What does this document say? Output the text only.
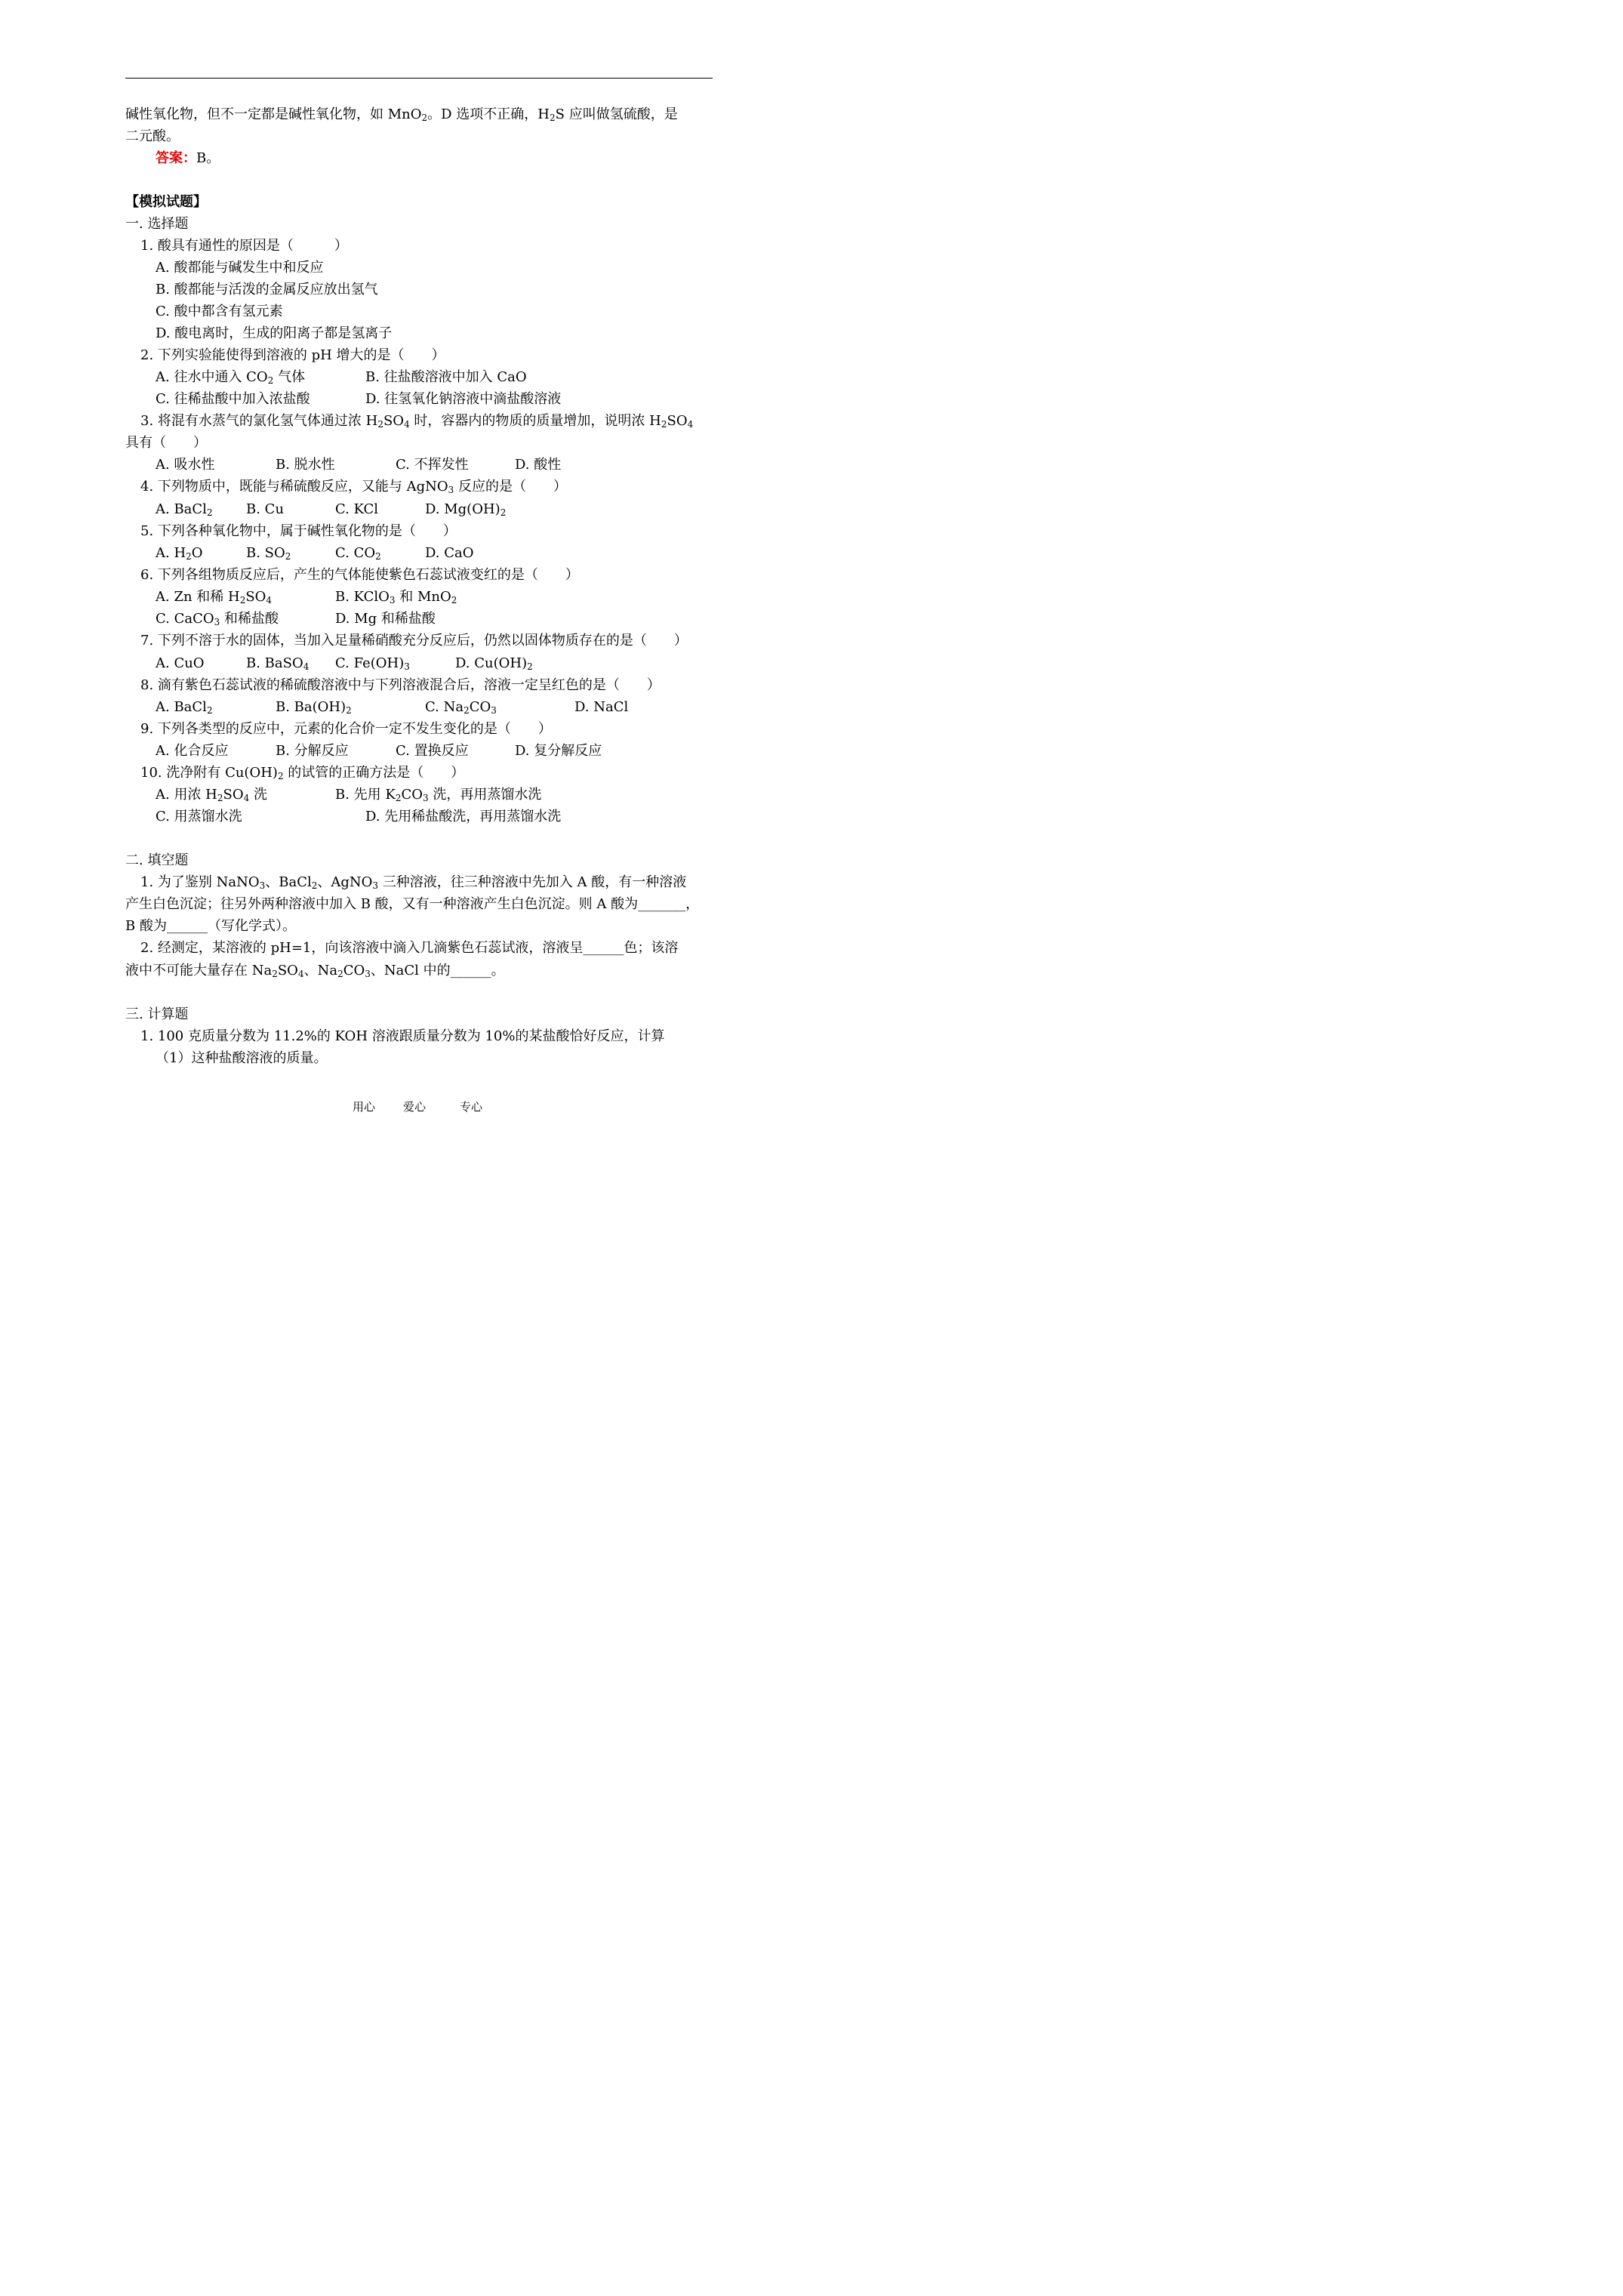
碱性氧化物，但不一定都是碱性氧化物，如 MnO$_2$。D 选项不正确，$H_2S$ 应叫做氢硫酸，是
二元酸。
答案：B。
【模拟试题】
一. 选择题
1. 酸具有通性的原因是（　　　）
A. 酸都能与碱发生中和反应
B. 酸都能与活泼的金属反应放出氢气
C. 酸中都含有氢元素
D. 酸电离时，生成的阳离子都是氢离子
2. 下列实验能使得到溶液的 pH 增大的是（　　）
A. 往水中通入 $CO_2$ 气体	B. 往盐酸溶液中加入 CaO
C. 往稀盐酸中加入浓盐酸	D. 往氢氧化钠溶液中滴盐酸溶液
3. 将混有水蒸气的氯化氢气体通过浓 $H_2SO_4$ 时，容器内的物质的质量增加，说明浓 $H_2SO_4$
具有（　　）
A. 吸水性	B. 脱水性	C. 不挥发性	D. 酸性
4. 下列物质中，既能与稀硫酸反应，又能与 AgNO$_3$ 反应的是（　　）
A. BaCl$_2$ B. Cu	C. KCl	D. $Mg(OH)_2$
5. 下列各种氧化物中，属于碱性氧化物的是（　　）
A. $H_2O$	B. $SO_2$	C. $CO_2$	D. CaO
6. 下列各组物质反应后，产生的气体能使紫色石蕊试液变红的是（　　）
A. Zn 和稀 $H_2SO_4$	B. KClO$_3$ 和 MnO$_2$
C. CaCO$_3$ 和稀盐酸	D. Mg 和稀盐酸
7. 下列不溶于水的固体，当加入足量稀硝酸充分反应后，仍然以固体物质存在的是（　　）
A. CuO	B. BaSO$_4$ C. $Fe(OH)_3$	D. $Cu(OH)_2$
8. 滴有紫色石蕊试液的稀硫酸溶液中与下列溶液混合后，溶液一定呈红色的是（　　）
A. BaCl$_2$	B. $Ba(OH)_2$	C. $Na_2CO_3$	D. NaCl
9. 下列各类型的反应中，元素的化合价一定不发生变化的是（　　）
A. 化合反应	B. 分解反应	C. 置换反应	D. 复分解反应
10. 洗净附有 $Cu(OH)_2$ 的试管的正确方法是（　　）
A. 用浓 $H_2SO_4$ 洗	B. 先用 $K_2CO_3$ 洗，再用蒸馏水洗
C. 用蒸馏水洗	D. 先用稀盐酸洗，再用蒸馏水洗
二. 填空题
1. 为了鉴别 NaNO$_3$、BaCl$_2$、AgNO$_3$ 三种溶液，往三种溶液中先加入 A 酸，有一种溶液
产生白色沉淀；往另外两种溶液中加入 B 酸，又有一种溶液产生白色沉淀。则 A 酸为_______，
B 酸为______（写化学式）。
2. 经测定，某溶液的 pH=1，向该溶液中滴入几滴紫色石蕊试液，溶液呈______色；该溶
液中不可能大量存在 $Na_2SO_4$、$Na_2CO_3$、NaCl 中的______。
三. 计算题
1. 100 克质量分数为 11.2%的 KOH 溶液跟质量分数为 10%的某盐酸恰好反应，计算
（1）这种盐酸溶液的质量。
用心 爱心	专心
